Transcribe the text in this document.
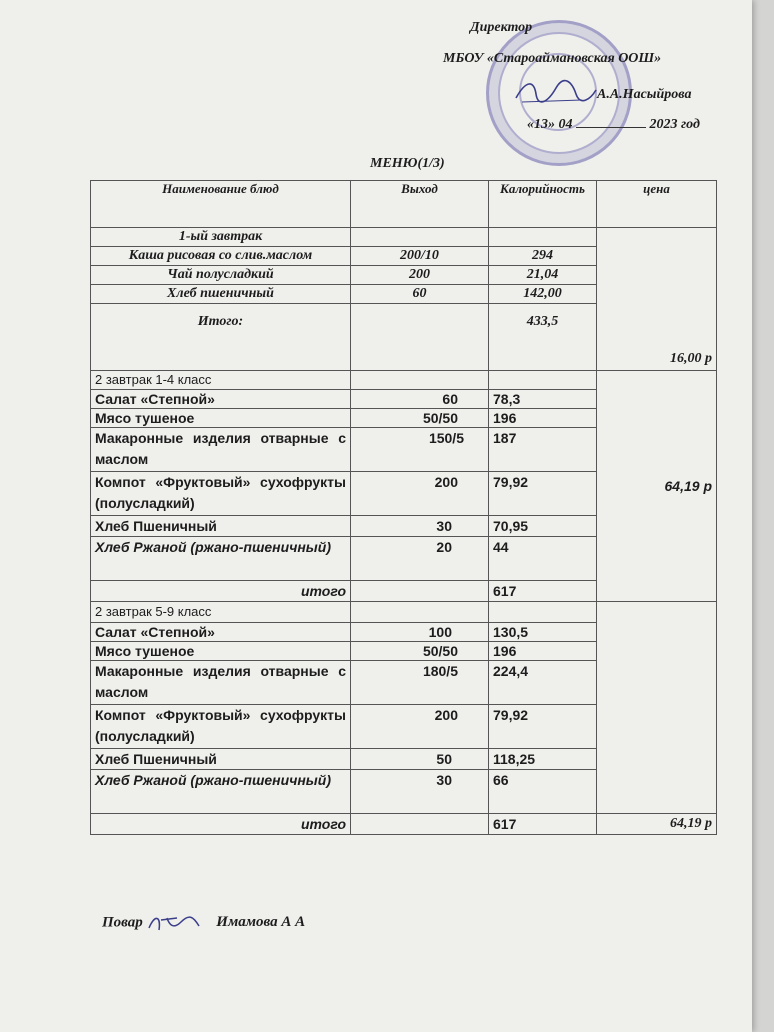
Директор
МБОУ «Староаймановская ООШ»
А.А.Насыйрова
«13» 04	2023 год
МЕНЮ(1/3)
Наименование блюд	Выход	Калорийность	цена
1-ый завтрак			16,00 р
Каша рисовая со слив.маслом	200/10	294	
Чай полусладкий	200	21,04	
Хлеб пшеничный	60	142,00	
Итого:		433,5	
2 завтрак 1-4 класс			64,19 р
Салат «Степной»	60	78,3	
Мясо тушеное	50/50	196	
Макаронные изделия отварные с маслом	150/5	187	
Компот «Фруктовый» сухофрукты (полусладкий)	200	79,92	
Хлеб Пшеничный	30	70,95	
Хлеб Ржаной (ржано-пшеничный)	20	44	
итого		617	
2 завтрак 5-9 класс			
Салат «Степной»	100	130,5	
Мясо тушеное	50/50	196	
Макаронные изделия отварные с маслом	180/5	224,4	
Компот «Фруктовый» сухофрукты (полусладкий)	200	79,92	
Хлеб Пшеничный	50	118,25	
Хлеб Ржаной (ржано-пшеничный)	30	66	
итого		617	64,19 р
Повар	Имамова А А
